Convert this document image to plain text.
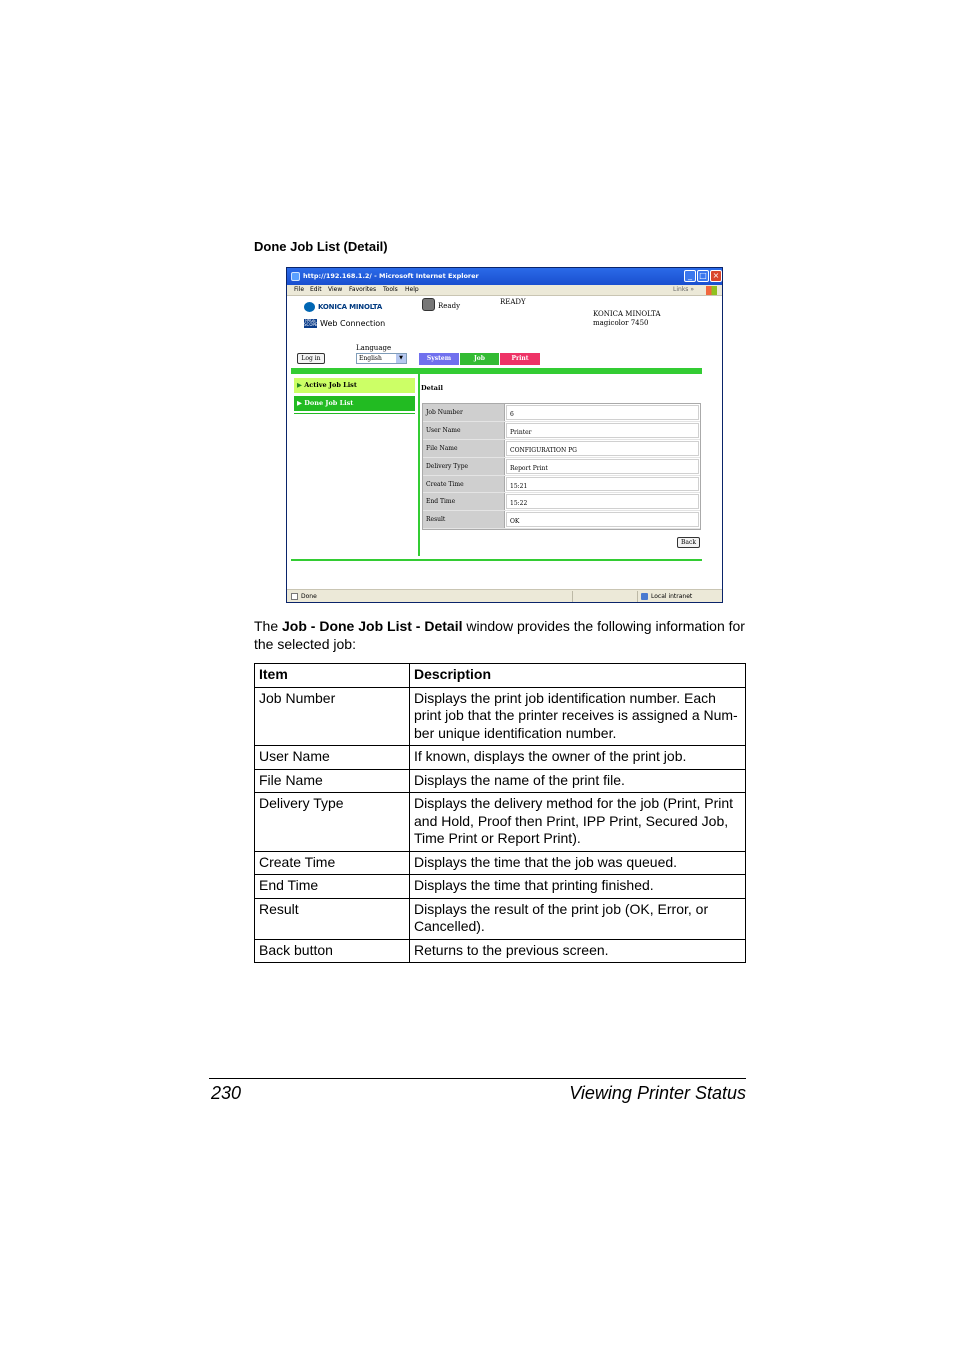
Done Job List (Detail)
http://192.168.1.2/ - Microsoft Internet Explorer	_ □ ×
File Edit View Favorites Tools Help	Links »
KONICA MINOLTA
PAGE SCOPE Web Connection
Ready	READY
KONICA MINOLTA
magicolor 7450
Log in
Language
English	▼	System	Job	Print
▶ Active Job List
▶ Done Job List
Detail
Job Number	6
User Name	Printer
File Name	CONFIGURATION PG
Delivery Type	Report Print
Create Time	15:21
End Time	15:22
Result	OK
Back
Done	Local intranet

The Job - Done Job List - Detail window provides the following information for the selected job:

Item	Description
Job Number	Displays the print job identification number. Each print job that the printer receives is assigned a Num-ber unique identification number.
User Name	If known, displays the owner of the print job.
File Name	Displays the name of the print file.
Delivery Type	Displays the delivery method for the job (Print, Print and Hold, Proof then Print, IPP Print, Secured Job, Time Print or Report Print).
Create Time	Displays the time that the job was queued.
End Time	Displays the time that printing finished.
Result	Displays the result of the print job (OK, Error, or Cancelled).
Back button	Returns to the previous screen.
230	Viewing Printer Status
